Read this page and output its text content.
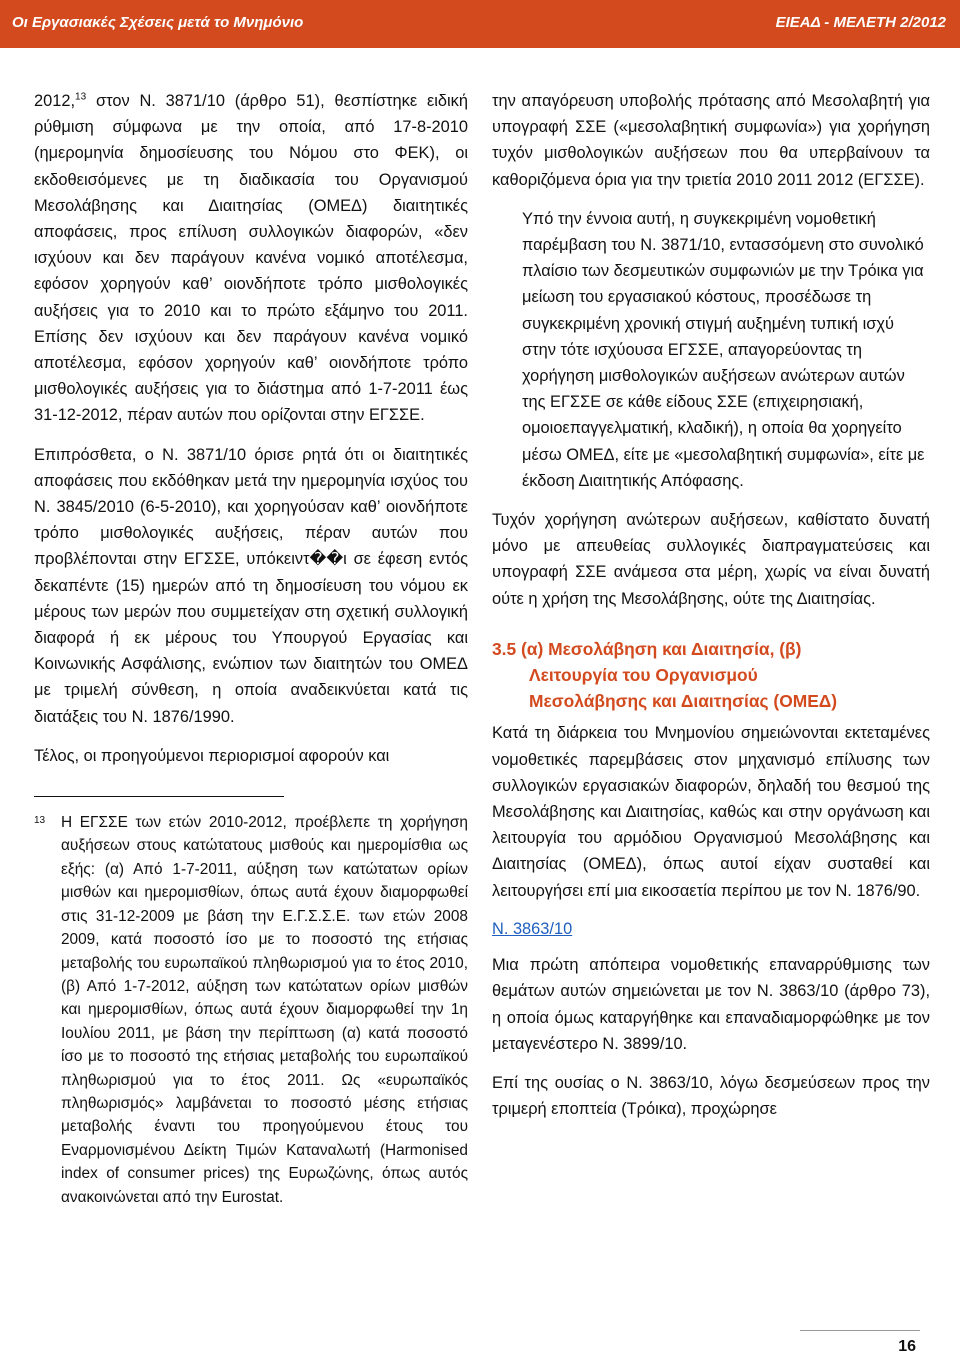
Οι Εργασιακές Σχέσεις μετά το Μνημόνιο	ΕΙΕΑΔ - ΜΕΛΕΤΗ 2/2012

2012,13 στον Ν. 3871/10 (άρθρο 51), θεσπίστηκε ειδική ρύθμιση σύμφωνα με την οποία, από 17-8-2010 (ημερομηνία δημοσίευσης του Νόμου στο ΦΕΚ), οι εκδοθεισόμενες με τη διαδικασία του Οργανισμού Μεσολάβησης και Διαιτησίας (ΟΜΕΔ) διαιτητικές αποφάσεις, προς επίλυση συλλογικών διαφορών, «δεν ισχύουν και δεν παράγουν κανένα νομικό αποτέλεσμα, εφόσον χορηγούν καθ’ οιονδήποτε τρόπο μισθολογικές αυξήσεις για το 2010 και το πρώτο εξάμηνο του 2011. Επίσης δεν ισχύουν και δεν παράγουν κανένα νομικό αποτέλεσμα, εφόσον χορηγούν καθ’ οιονδήποτε τρόπο μισθολογικές αυξήσεις για το διάστημα από 1-7-2011 έως 31-12-2012, πέραν αυτών που ορίζονται στην ΕΓΣΣΕ.

Επιπρόσθετα, ο Ν. 3871/10 όρισε ρητά ότι οι διαιτητικές αποφάσεις που εκδόθηκαν μετά την ημερομηνία ισχύος του Ν. 3845/2010 (6-5-2010), και χορηγούσαν καθ’ οιονδήποτε τρόπο μισθολογικές αυξήσεις, πέραν αυτών που προβλέπονται στην ΕΓΣΣΕ, υπόκειντ��ι σε έφεση εντός δεκαπέντε (15) ημερών από τη δημοσίευση του νόμου εκ μέρους των μερών που συμμετείχαν στη σχετική συλλογική διαφορά ή εκ μέρους του Υπουργού Εργασίας και Κοινωνικής Ασφάλισης, ενώπιον των διαιτητών του ΟΜΕΔ με τριμελή σύνθεση, η οποία αναδεικνύεται κατά τις διατάξεις του Ν. 1876/1990.

Τέλος, οι προηγούμενοι περιορισμοί αφορούν και

13 Η ΕΓΣΣΕ των ετών 2010-2012, προέβλεπε τη χορήγηση αυξήσεων στους κατώτατους μισθούς και ημερομίσθια ως εξής: (α) Από 1-7-2011, αύξηση των κατώτατων ορίων μισθών και ημερομισθίων, όπως αυτά έχουν διαμορφωθεί στις 31-12-2009 με βάση την Ε.Γ.Σ.Σ.Ε. των ετών 2008 2009, κατά ποσοστό ίσο με το ποσοστό της ετήσιας μεταβολής του ευρωπαϊκού πληθωρισμού για το έτος 2010, (β) Από 1-7-2012, αύξηση των κατώτατων ορίων μισθών και ημερομισθίων, όπως αυτά έχουν διαμορφωθεί την 1η Ιουλίου 2011, με βάση την περίπτωση (α) κατά ποσοστό ίσο με το ποσοστό της ετήσιας μεταβολής του ευρωπαϊκού πληθωρισμού για το έτος 2011. Ως «ευρωπαϊκός πληθωρισμός» λαμβάνεται το ποσοστό μέσης ετήσιας μεταβολής έναντι του προηγούμενου έτους του Εναρμονισμένου Δείκτη Τιμών Καταναλωτή (Harmonised index of consumer prices) της Ευρωζώνης, όπως αυτός ανακοινώνεται από την Eurostat.

την απαγόρευση υποβολής πρότασης από Μεσολαβητή για υπογραφή ΣΣΕ («μεσολαβητική συμφωνία») για χορήγηση τυχόν μισθολογικών αυξήσεων που θα υπερβαίνουν τα καθοριζόμενα όρια για την τριετία 2010 2011 2012 (ΕΓΣΣΕ).

Υπό την έννοια αυτή, η συγκεκριμένη νομοθετική παρέμβαση του Ν. 3871/10, εντασσόμενη στο συνολικό πλαίσιο των δεσμευτικών συμφωνιών με την Τρόικα για μείωση του εργασιακού κόστους, προσέδωσε τη συγκεκριμένη χρονική στιγμή αυξημένη τυπική ισχύ στην τότε ισχύουσα ΕΓΣΣΕ, απαγορεύοντας τη χορήγηση μισθολογικών αυξήσεων ανώτερων αυτών της ΕΓΣΣΕ σε κάθε είδους ΣΣΕ (επιχειρησιακή, ομοιοεπαγγελματική, κλαδική), η οποία θα χορηγείτο μέσω ΟΜΕΔ, είτε με «μεσολαβητική συμφωνία», είτε με έκδοση Διαιτητικής Απόφασης.

Τυχόν χορήγηση ανώτερων αυξήσεων, καθίστατο δυνατή μόνο με απευθείας συλλογικές διαπραγματεύσεις και υπογραφή ΣΣΕ ανάμεσα στα μέρη, χωρίς να είναι δυνατή ούτε η χρήση της Μεσολάβησης, ούτε της Διαιτησίας.

3.5 (α) Μεσολάβηση και Διαιτησία, (β)
Λειτουργία του Οργανισμού
Μεσολάβησης και Διαιτησίας (ΟΜΕΔ)

Κατά τη διάρκεια του Μνημονίου σημειώνονται εκτεταμένες νομοθετικές παρεμβάσεις στον μηχανισμό επίλυσης των συλλογικών εργασιακών διαφορών, δηλαδή του θεσμού της Μεσολάβησης και Διαιτησίας, καθώς και στην οργάνωση και λειτουργία του αρμόδιου Οργανισμού Μεσολάβησης και Διαιτησίας (ΟΜΕΔ), όπως αυτοί είχαν συσταθεί και λειτουργήσει επί μια εικοσαετία περίπου με τον Ν. 1876/90.

Ν. 3863/10

Μια πρώτη απόπειρα νομοθετικής επαναρρύθμισης των θεμάτων αυτών σημειώνεται με τον Ν. 3863/10 (άρθρο 73), η οποία όμως καταργήθηκε και επαναδιαμορφώθηκε με τον μεταγενέστερο Ν. 3899/10.

Επί της ουσίας ο Ν. 3863/10, λόγω δεσμεύσεων προς την τριμερή εποπτεία (Τρόικα), προχώρησε

16
